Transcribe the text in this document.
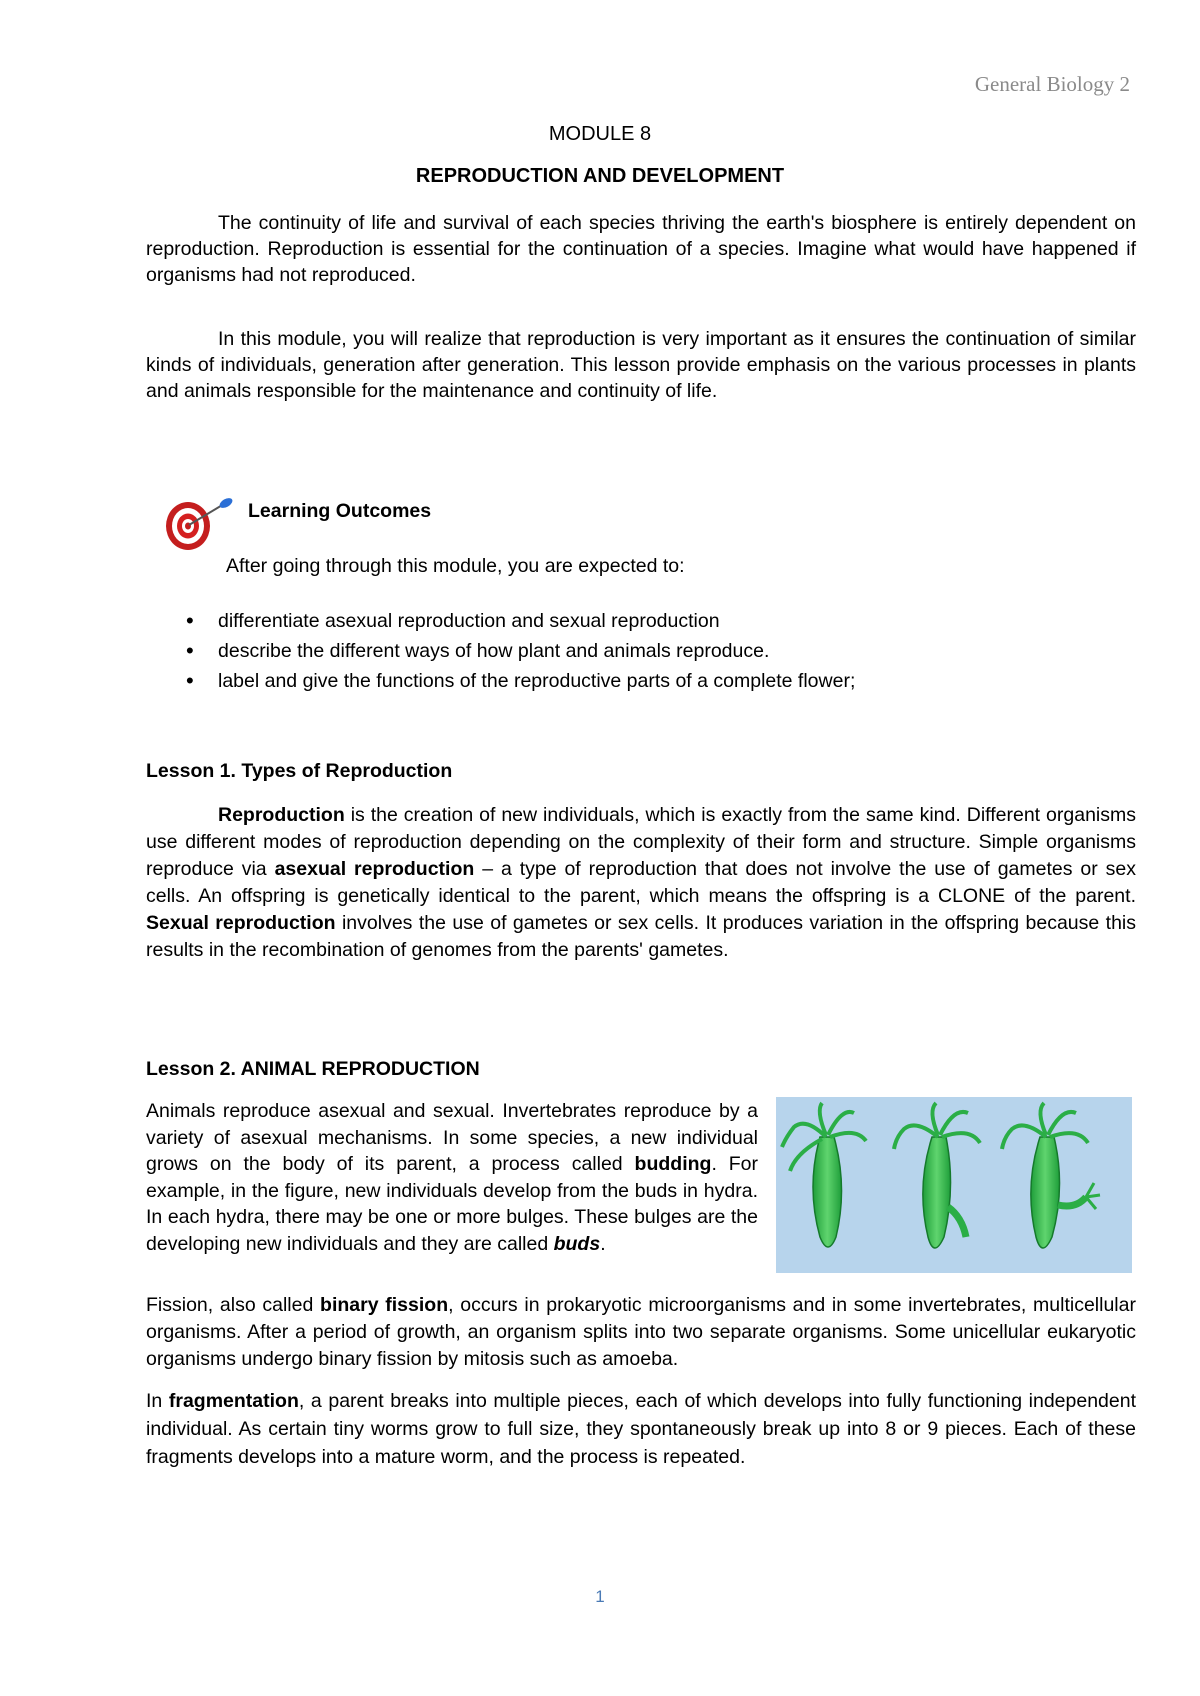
General Biology 2
MODULE 8
REPRODUCTION AND DEVELOPMENT

The continuity of life and survival of each species thriving the earth's biosphere is entirely dependent on reproduction. Reproduction is essential for the continuation of a species. Imagine what would have happened if organisms had not reproduced.

In this module, you will realize that reproduction is very important as it ensures the continuation of similar kinds of individuals, generation after generation. This lesson provide emphasis on the various processes in plants and animals responsible for the maintenance and continuity of life.

Learning Outcomes
After going through this module, you are expected to:
• differentiate asexual reproduction and sexual reproduction
• describe the different ways of how plant and animals reproduce.
• label and give the functions of the reproductive parts of a complete flower;
Lesson 1. Types of Reproduction

Reproduction is the creation of new individuals, which is exactly from the same kind. Different organisms use different modes of reproduction depending on the complexity of their form and structure. Simple organisms reproduce via asexual reproduction – a type of reproduction that does not involve the use of gametes or sex cells. An offspring is genetically identical to the parent, which means the offspring is a CLONE of the parent. Sexual reproduction involves the use of gametes or sex cells. It produces variation in the offspring because this results in the recombination of genomes from the parents' gametes.

Lesson 2. ANIMAL REPRODUCTION

Animals reproduce asexual and sexual. Invertebrates reproduce by a variety of asexual mechanisms. In some species, a new individual grows on the body of its parent, a process called budding. For example, in the figure, new individuals develop from the buds in hydra. In each hydra, there may be one or more bulges. These bulges are the developing new individuals and they are called buds.

Fission, also called binary fission, occurs in prokaryotic microorganisms and in some invertebrates, multicellular organisms. After a period of growth, an organism splits into two separate organisms. Some unicellular eukaryotic organisms undergo binary fission by mitosis such as amoeba.

In fragmentation, a parent breaks into multiple pieces, each of which develops into fully functioning independent individual. As certain tiny worms grow to full size, they spontaneously break up into 8 or 9 pieces. Each of these fragments develops into a mature worm, and the process is repeated.

1
